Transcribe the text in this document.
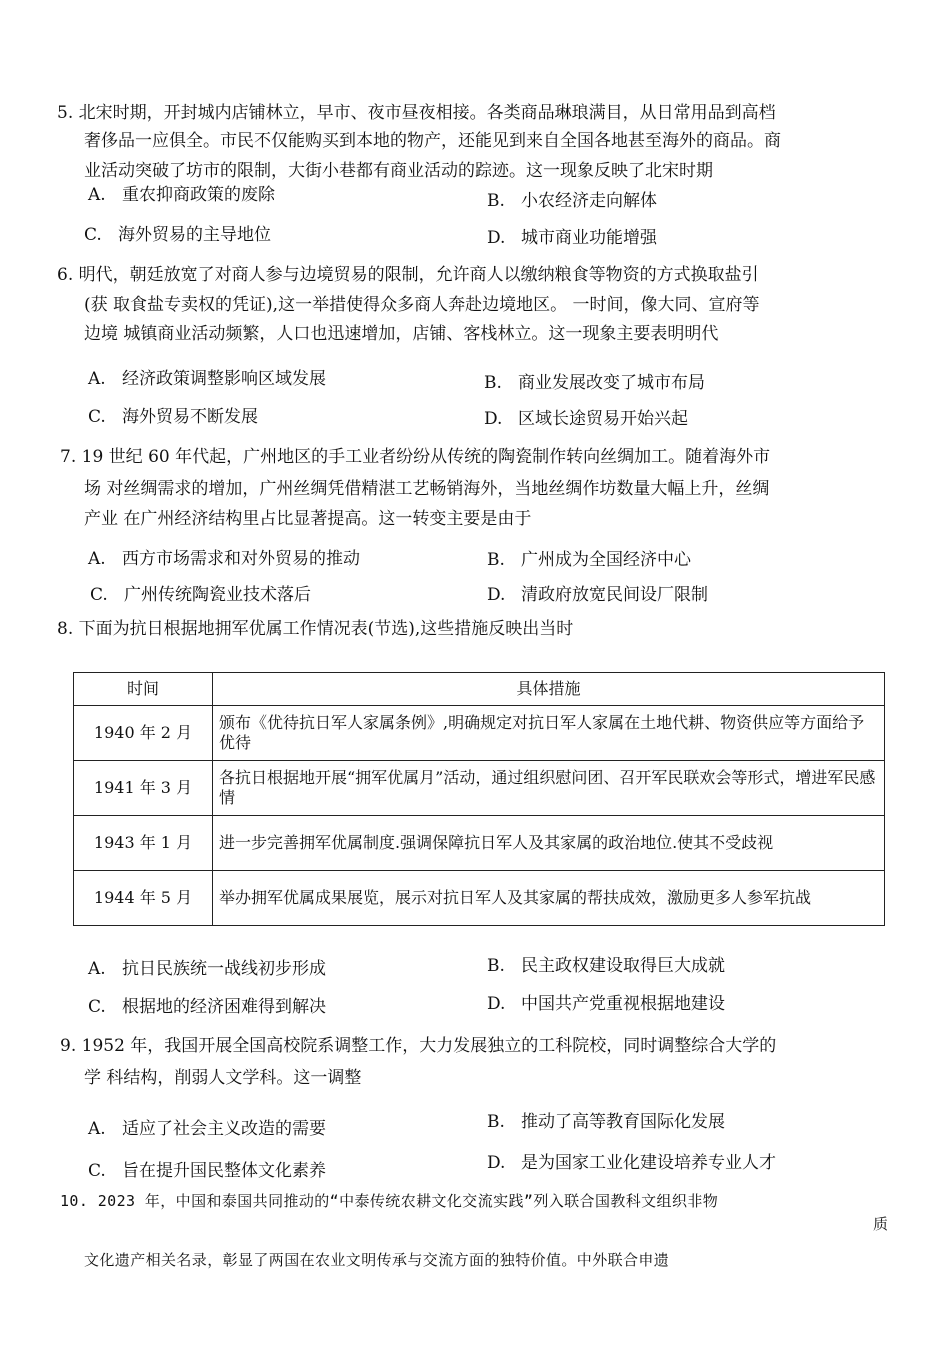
5. 北宋时期，开封城内店铺林立，早市、夜市昼夜相接。各类商品琳琅满目，从日常用品到高档
奢侈品一应俱全。市民不仅能购买到本地的物产，还能见到来自全国各地甚至海外的商品。商
业活动突破了坊市的限制，大街小巷都有商业活动的踪迹。这一现象反映了北宋时期
A. 重农抑商政策的废除	B. 小农经济走向解体
C. 海外贸易的主导地位	D. 城市商业功能增强
6. 明代，朝廷放宽了对商人参与边境贸易的限制，允许商人以缴纳粮食等物资的方式换取盐引
(获 取食盐专卖权的凭证),这一举措使得众多商人奔赴边境地区。 一时间，像大同、宣府等
边境 城镇商业活动频繁，人口也迅速增加，店铺、客栈林立。这一现象主要表明明代
A. 经济政策调整影响区域发展	B. 商业发展改变了城市布局
C. 海外贸易不断发展	D. 区域长途贸易开始兴起
7. 19 世纪 60 年代起，广州地区的手工业者纷纷从传统的陶瓷制作转向丝绸加工。随着海外市
场 对丝绸需求的增加，广州丝绸凭借精湛工艺畅销海外，当地丝绸作坊数量大幅上升，丝绸
产业 在广州经济结构里占比显著提高。这一转变主要是由于
A. 西方市场需求和对外贸易的推动	B. 广州成为全国经济中心
C. 广州传统陶瓷业技术落后	D. 清政府放宽民间设厂限制
8. 下面为抗日根据地拥军优属工作情况表(节选),这些措施反映出当时
时间	具体措施
1940 年 2 月	颁布《优待抗日军人家属条例》,明确规定对抗日军人家属在土地代耕、物资供应等方面给予优待
1941 年 3 月	各抗日根据地开展“拥军优属月”活动，通过组织慰问团、召开军民联欢会等形式，增进军民感情
1943 年 1 月	进一步完善拥军优属制度.强调保障抗日军人及其家属的政治地位.使其不受歧视
1944 年 5 月	举办拥军优属成果展览，展示对抗日军人及其家属的帮扶成效，激励更多人参军抗战
A. 抗日民族统一战线初步形成	B. 民主政权建设取得巨大成就
C. 根据地的经济困难得到解决	D. 中国共产党重视根据地建设
9. 1952 年，我国开展全国高校院系调整工作，大力发展独立的工科院校，同时调整综合大学的
学 科结构，削弱人文学科。这一调整
A. 适应了社会主义改造的需要	B. 推动了高等教育国际化发展
C. 旨在提升国民整体文化素养	D. 是为国家工业化建设培养专业人才
10. 2023 年，中国和泰国共同推动的“中泰传统农耕文化交流实践”列入联合国教科文组织非物
质
文化遗产相关名录，彰显了两国在农业文明传承与交流方面的独特价值。中外联合申遗
